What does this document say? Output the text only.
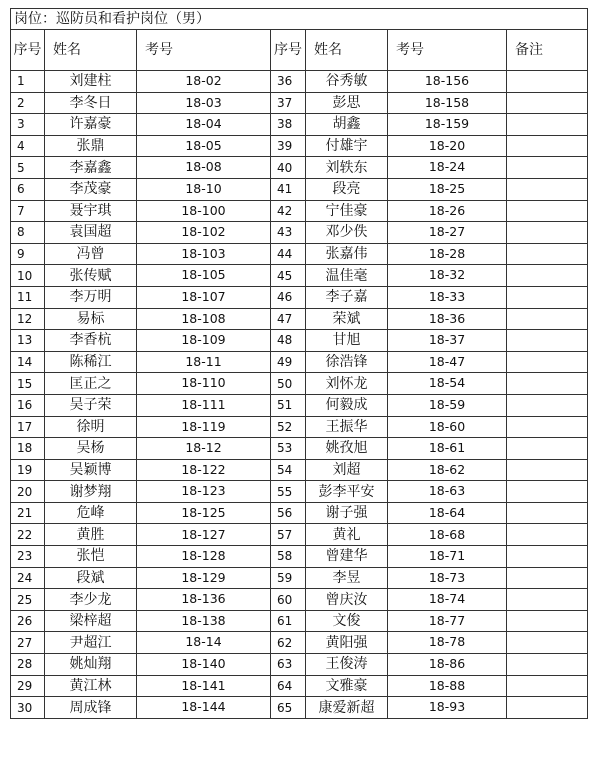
岗位：巡防员和看护岗位（男）						
序号	姓名	考号	序号	姓名	考号	备注
1	刘建柱	18-02	36	谷秀敏	18-156	
2	李冬日	18-03	37	彭思	18-158	
3	许嘉豪	18-04	38	胡鑫	18-159	
4	张鼎	18-05	39	付雄宇	18-20	
5	李嘉鑫	18-08	40	刘轶东	18-24	
6	李茂豪	18-10	41	段亮	18-25	
7	聂宇琪	18-100	42	宁佳豪	18-26	
8	袁国超	18-102	43	邓少佚	18-27	
9	冯曾	18-103	44	张嘉伟	18-28	
10	张传赋	18-105	45	温佳毫	18-32	
11	李万明	18-107	46	李子嘉	18-33	
12	易标	18-108	47	荣斌	18-36	
13	李香杭	18-109	48	甘旭	18-37	
14	陈稀江	18-11	49	徐浩锋	18-47	
15	匡正之	18-110	50	刘怀龙	18-54	
16	吴子荣	18-111	51	何毅成	18-59	
17	徐明	18-119	52	王振华	18-60	
18	吴杨	18-12	53	姚孜旭	18-61	
19	吴颖博	18-122	54	刘超	18-62	
20	谢梦翔	18-123	55	彭李平安	18-63	
21	危峰	18-125	56	谢子强	18-64	
22	黄胜	18-127	57	黄礼	18-68	
23	张恺	18-128	58	曾建华	18-71	
24	段斌	18-129	59	李昱	18-73	
25	李少龙	18-136	60	曾庆汝	18-74	
26	梁梓超	18-138	61	文俊	18-77	
27	尹超江	18-14	62	黄阳强	18-78	
28	姚灿翔	18-140	63	王俊涛	18-86	
29	黄江林	18-141	64	文雅豪	18-88	
30	周成锋	18-144	65	康爱新超	18-93	
